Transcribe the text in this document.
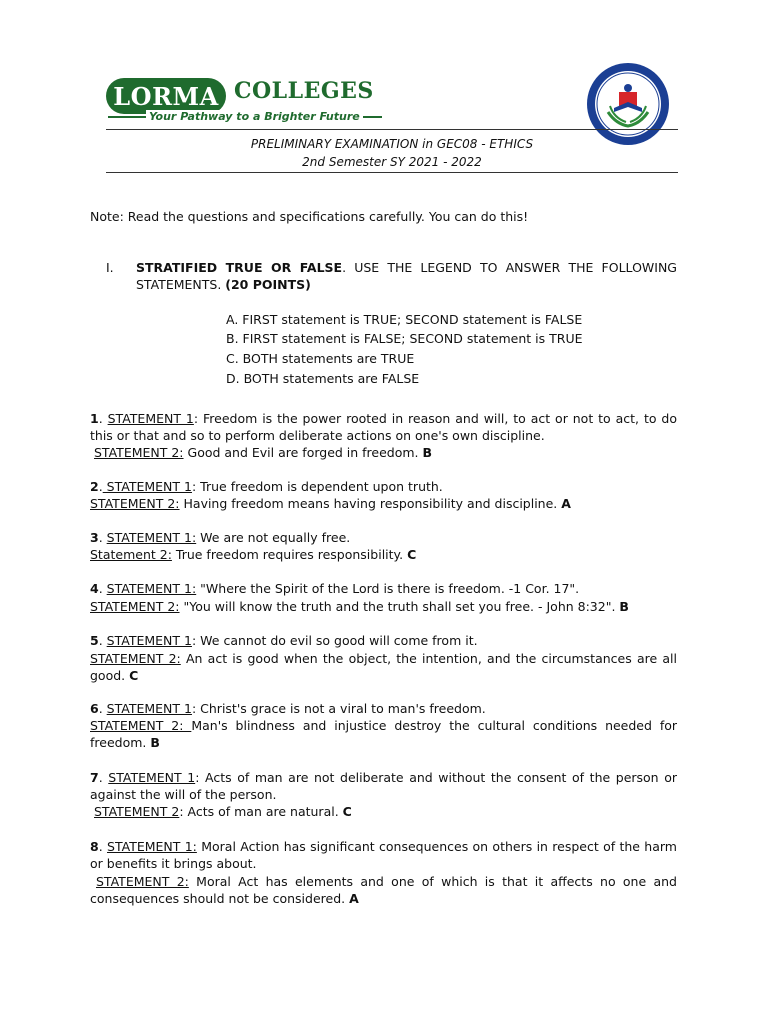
LORMA COLLEGES
Your Pathway to a Brighter Future
PRELIMINARY EXAMINATION in GEC08 - ETHICS
2nd Semester SY 2021 - 2022
Note: Read the questions and specifications carefully. You can do this!
I. STRATIFIED TRUE OR FALSE. USE THE LEGEND TO ANSWER THE FOLLOWING
STATEMENTS. (20 POINTS)
A. FIRST statement is TRUE; SECOND statement is FALSE
B. FIRST statement is FALSE; SECOND statement is TRUE
C. BOTH statements are TRUE
D. BOTH statements are FALSE
1. STATEMENT 1: Freedom is the power rooted in reason and will, to act or not to act, to do this or that and so to perform deliberate actions on one's own discipline.
STATEMENT 2: Good and Evil are forged in freedom. B
2. STATEMENT 1: True freedom is dependent upon truth.
STATEMENT 2: Having freedom means having responsibility and discipline. A
3. STATEMENT 1: We are not equally free.
Statement 2: True freedom requires responsibility. C
4. STATEMENT 1: "Where the Spirit of the Lord is there is freedom. -1 Cor. 17".
STATEMENT 2: "You will know the truth and the truth shall set you free. - John 8:32". B
5. STATEMENT 1: We cannot do evil so good will come from it.
STATEMENT 2: An act is good when the object, the intention, and the circumstances are all good. C
6. STATEMENT 1: Christ's grace is not a viral to man's freedom.
STATEMENT 2: Man's blindness and injustice destroy the cultural conditions needed for freedom. B
7. STATEMENT 1: Acts of man are not deliberate and without the consent of the person or against the will of the person.
STATEMENT 2: Acts of man are natural. C
8. STATEMENT 1: Moral Action has significant consequences on others in respect of the harm or benefits it brings about.
STATEMENT 2: Moral Act has elements and one of which is that it affects no one and consequences should not be considered. A
